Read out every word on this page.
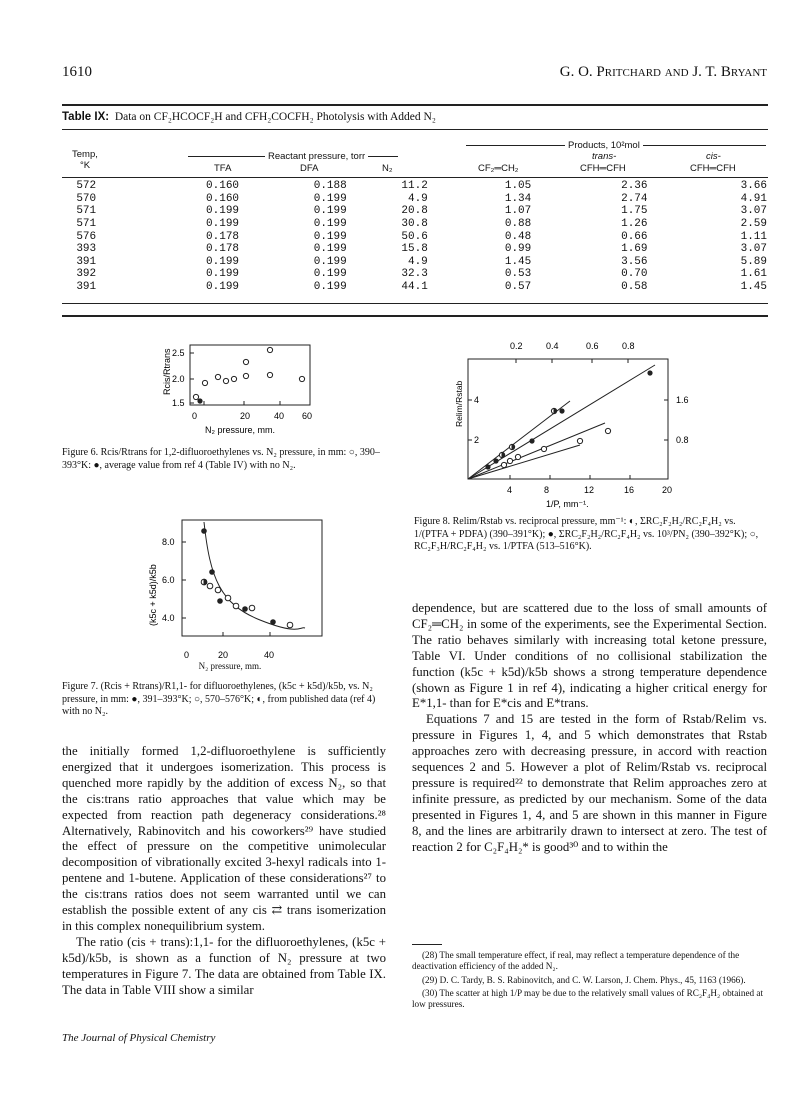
1610	G. O. Pritchard and J. T. Bryant
Table IX: Data on CF₂HCOCF₂H and CFH₂COCFH₂ Photolysis with Added N₂
Temp,
°K
Reactant pressure, torr
Products, 10²mol
TFA	DFA	N₂	CF₂═CH₂
trans-
CFH═CFH
cis-
CFH═CFH
572	0.160	0.188	11.2	1.05	2.36	3.66
570	0.160	0.199	4.9	1.34	2.74	4.91
571	0.199	0.199	20.8	1.07	1.75	3.07
571	0.199	0.199	30.8	0.88	1.26	2.59
576	0.178	0.199	50.6	0.48	0.66	1.11
393	0.178	0.199	15.8	0.99	1.69	3.07
391	0.199	0.199	4.9	1.45	3.56	5.89
392	0.199	0.199	32.3	0.53	0.70	1.61
391	0.199	0.199	44.1	0.57	0.58	1.45
Rcis/Rtrans 2.5
2.0
1.5
0	20	40 60
N₂ pressure, mm.
Figure 6. Rcis/Rtrans for 1,2-difluoroethylenes vs. N₂ pressure, in mm: ○, 390–393°K: ●, average value from ref 4 (Table IV) with no N₂.
(k5c + k5d)/k5b
8.0
6.0
4.0
0	20	40
N₂ pressure, mm.
Figure 7. (Rcis + Rtrans)/R1,1- for difluoroethylenes, (k5c + k5d)/k5b, vs. N₂ pressure, in mm: ●, 391–393°K; ○, 570–576°K; ◐, from published data (ref 4) with no N₂.
Relim/Rstab
0.2	0.4	0.6	0.8
4
2
1.6
0.8
4	8	12	16	20
1/P, mm⁻¹.
Figure 8. Relim/Rstab vs. reciprocal pressure, mm⁻¹: ◐, ΣRC₂F₂H₂/RC₂F₄H₂ vs. 1/(PTFA + PDFA) (390–391°K); ●, ΣRC₂F₂H₂/RC₂F₄H₂ vs. 10³/PN₂ (390–392°K); ○, RC₂F₃H/RC₂F₄H₂ vs. 1/PTFA (513–516°K).

the initially formed 1,2-difluoroethylene is sufficiently energized that it undergoes isomerization. This process is quenched more rapidly by the addition of excess N₂, so that the cis:trans ratio approaches that value which may be expected from reaction path degeneracy considerations.²⁸ Alternatively, Rabinovitch and his coworkers²⁹ have studied the effect of pressure on the competitive unimolecular decomposition of vibrationally excited 3-hexyl radicals into 1-pentene and 1-butene. Application of these considerations²⁷ to the cis:trans ratios does not seem warranted until we can establish the possible extent of any cis ⇄ trans isomerization in this complex nonequilibrium system.

The ratio (cis + trans):1,1- for the difluoroethylenes, (k5c + k5d)/k5b, is shown as a function of N₂ pressure at two temperatures in Figure 7. The data are obtained from Table IX. The data in Table VIII show a similar

dependence, but are scattered due to the loss of small amounts of CF₂═CH₂ in some of the experiments, see the Experimental Section. The ratio behaves similarly with increasing total ketone pressure, Table VI. Under conditions of no collisional stabilization the function (k5c + k5d)/k5b shows a strong temperature dependence (shown as Figure 1 in ref 4), indicating a higher critical energy for E*1,1- than for E*cis and E*trans.

Equations 7 and 15 are tested in the form of Rstab/Relim vs. pressure in Figures 1, 4, and 5 which demonstrates that Rstab approaches zero with decreasing pressure, in accord with reaction sequences 2 and 5. However a plot of Relim/Rstab vs. reciprocal pressure is required²² to demonstrate that Relim approaches zero at infinite pressure, as predicted by our mechanism. Some of the data presented in Figures 1, 4, and 5 are shown in this manner in Figure 8, and the lines are arbitrarily drawn to intersect at zero. The test of reaction 2 for C₂F₄H₂* is good³⁰ and to within the

(28) The small temperature effect, if real, may reflect a temperature dependence of the deactivation efficiency of the added N₂.
(29) D. C. Tardy, B. S. Rabinovitch, and C. W. Larson, J. Chem. Phys., 45, 1163 (1966).
(30) The scatter at high 1/P may be due to the relatively small values of RC₂F₄H₂ obtained at low pressures.
The Journal of Physical Chemistry
